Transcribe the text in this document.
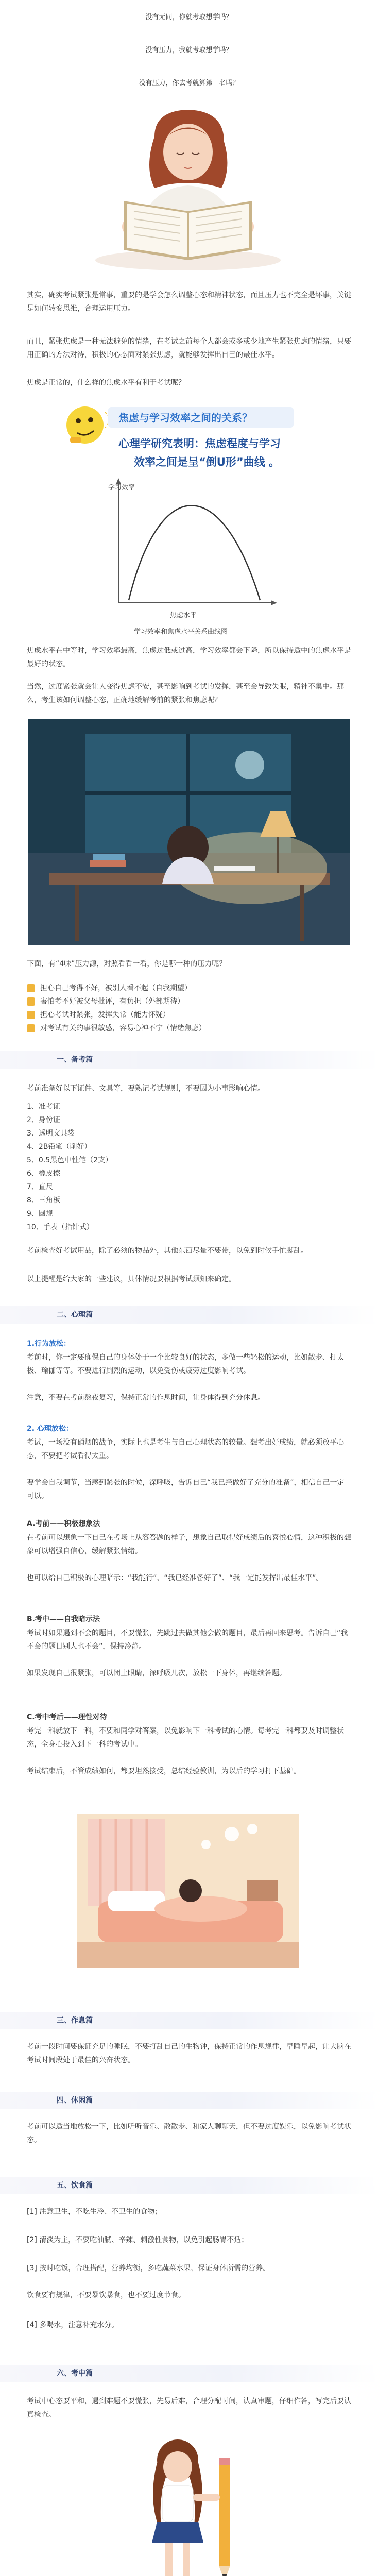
没有无同，你就考取想学吗？
没有压力，我就考取想学吗？
没有压力，你去考就算第一名吗？
其实，确实考试紧张是常事，重要的是学会怎么调整心态和精神状态，而且压力也不完全是坏事，关键是如何转变思维，合理运用压力。
而且，紧张焦虑是一种无法避免的情绪，在考试之前每个人都会或多或少地产生紧张焦虑的情绪，只要用正确的方法对待，积极的心态面对紧张焦虑，就能够发挥出自己的最佳水平。
焦虑是正常的，什么样的焦虑水平有利于考试呢？
焦虑与学习效率之间的关系？
心理学研究表明：焦虑程度与学习
效率之间是呈“倒U形”曲线 。
学习效率
焦虑水平
学习效率和焦虑水平关系曲线图
焦虑水平在中等时，学习效率最高，焦虑过低或过高，学习效率都会下降，所以保持适中的焦虑水平是最好的状态。
当然，过度紧张就会让人变得焦虑不安，甚至影响到考试的发挥，甚至会导致失眠，精神不集中。那么，考生该如何调整心态，正确地缓解考前的紧张和焦虑呢？
下面，有“4味”压力源，对照看看一看，你是哪一种的压力呢？
担心自己考得不好，被别人看不起（自我期望）
害怕考不好被父母批评，有负担（外部期待）
担心考试时紧张，发挥失常（能力怀疑）
对考试有关的事很敏感，容易心神不宁（情绪焦虑）
一、备考篇
考前准备好以下证件、文具等，要熟记考试规则，不要因为小事影响心情。
1、准考证
2、身份证
3、透明文具袋
4、2B铅笔（削好）
5、0.5黑色中性笔（2支）
6、橡皮擦
7、直尺
8、三角板
9、圆规
10、手表（指针式）
考前检查好考试用品，除了必须的物品外，其他东西尽量不要带，以免到时候手忙脚乱。
以上提醒是给大家的一些建议，具体情况要根据考试须知来确定。
二、心理篇
1.行为放松：
考前时，你一定要确保自己的身体处于一个比较良好的状态，多做一些轻松的运动，比如散步、打太极、瑜伽等等。不要进行剧烈的运动，以免受伤或疲劳过度影响考试。
注意，不要在考前熬夜复习，保持正常的作息时间，让身体得到充分休息。
2. 心理放松：
考试，一场没有硝烟的战争，实际上也是考生与自己心理状态的较量。想考出好成绩，就必须放平心态，不要把考试看得太重。
要学会自我调节，当感到紧张的时候，深呼吸，告诉自己“我已经做好了充分的准备”，相信自己一定可以。
A.考前——积极想象法
在考前可以想象一下自己在考场上从容答题的样子，想象自己取得好成绩后的喜悦心情，这种积极的想象可以增强自信心，缓解紧张情绪。
也可以给自己积极的心理暗示：“我能行”、“我已经准备好了”、“我一定能发挥出最佳水平”。
B.考中——自我暗示法
考试时如果遇到不会的题目，不要慌张，先跳过去做其他会做的题目，最后再回来思考。告诉自己“我不会的题目别人也不会”，保持冷静。
如果发现自己很紧张，可以闭上眼睛，深呼吸几次，放松一下身体，再继续答题。
C.考中考后——理性对待
考完一科就放下一科，不要和同学对答案，以免影响下一科考试的心情。每考完一科都要及时调整状态，全身心投入到下一科的考试中。
考试结束后，不管成绩如何，都要坦然接受，总结经验教训，为以后的学习打下基础。
三、作息篇
考前一段时间要保证充足的睡眠，不要打乱自己的生物钟，保持正常的作息规律，早睡早起，让大脑在考试时间段处于最佳的兴奋状态。
四、休闲篇
考前可以适当地放松一下，比如听听音乐、散散步、和家人聊聊天，但不要过度娱乐，以免影响考试状态。
五、饮食篇
[1] 注意卫生，不吃生冷、不卫生的食物；
[2] 清淡为主，不要吃油腻、辛辣、刺激性食物，以免引起肠胃不适；
[3] 按时吃饭，合理搭配，营养均衡，多吃蔬菜水果，保证身体所需的营养。
饮食要有规律，不要暴饮暴食，也不要过度节食。
[4] 多喝水，注意补充水分。
六、考中篇
考试中心态要平和，遇到难题不要慌张，先易后难，合理分配时间，认真审题，仔细作答，写完后要认真检查。
